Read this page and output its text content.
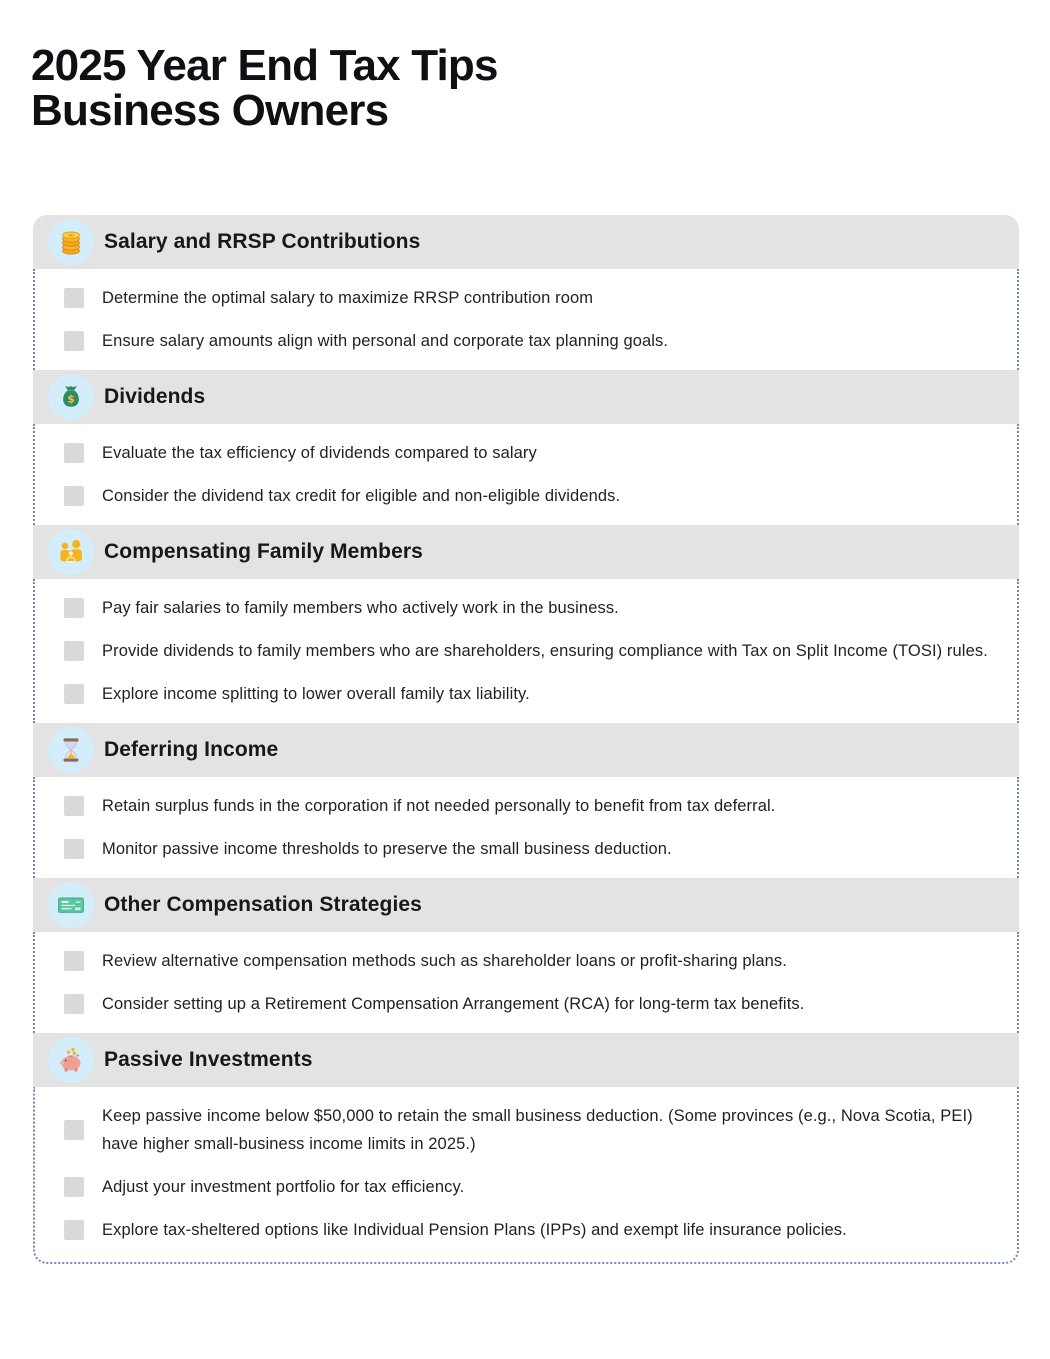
2025 Year End Tax Tips
Business Owners
Salary and RRSP Contributions
Determine the optimal salary to maximize RRSP contribution room
Ensure salary amounts align with personal and corporate tax planning goals.
$ Dividends
Evaluate the tax efficiency of dividends compared to salary
Consider the dividend tax credit for eligible and non-eligible dividends.
Compensating Family Members
Pay fair salaries to family members who actively work in the business.
Provide dividends to family members who are shareholders, ensuring compliance with Tax on Split Income (TOSI) rules.
Explore income splitting to lower overall family tax liability.
Deferring Income
Retain surplus funds in the corporation if not needed personally to benefit from tax deferral.
Monitor passive income thresholds to preserve the small business deduction.
Other Compensation Strategies
Review alternative compensation methods such as shareholder loans or profit-sharing plans.
Consider setting up a Retirement Compensation Arrangement (RCA) for long-term tax benefits.
Passive Investments
Keep passive income below $50,000 to retain the small business deduction. (Some provinces (e.g., Nova Scotia, PEI) have higher small-business income limits in 2025.)
Adjust your investment portfolio for tax efficiency.
Explore tax-sheltered options like Individual Pension Plans (IPPs) and exempt life insurance policies.
